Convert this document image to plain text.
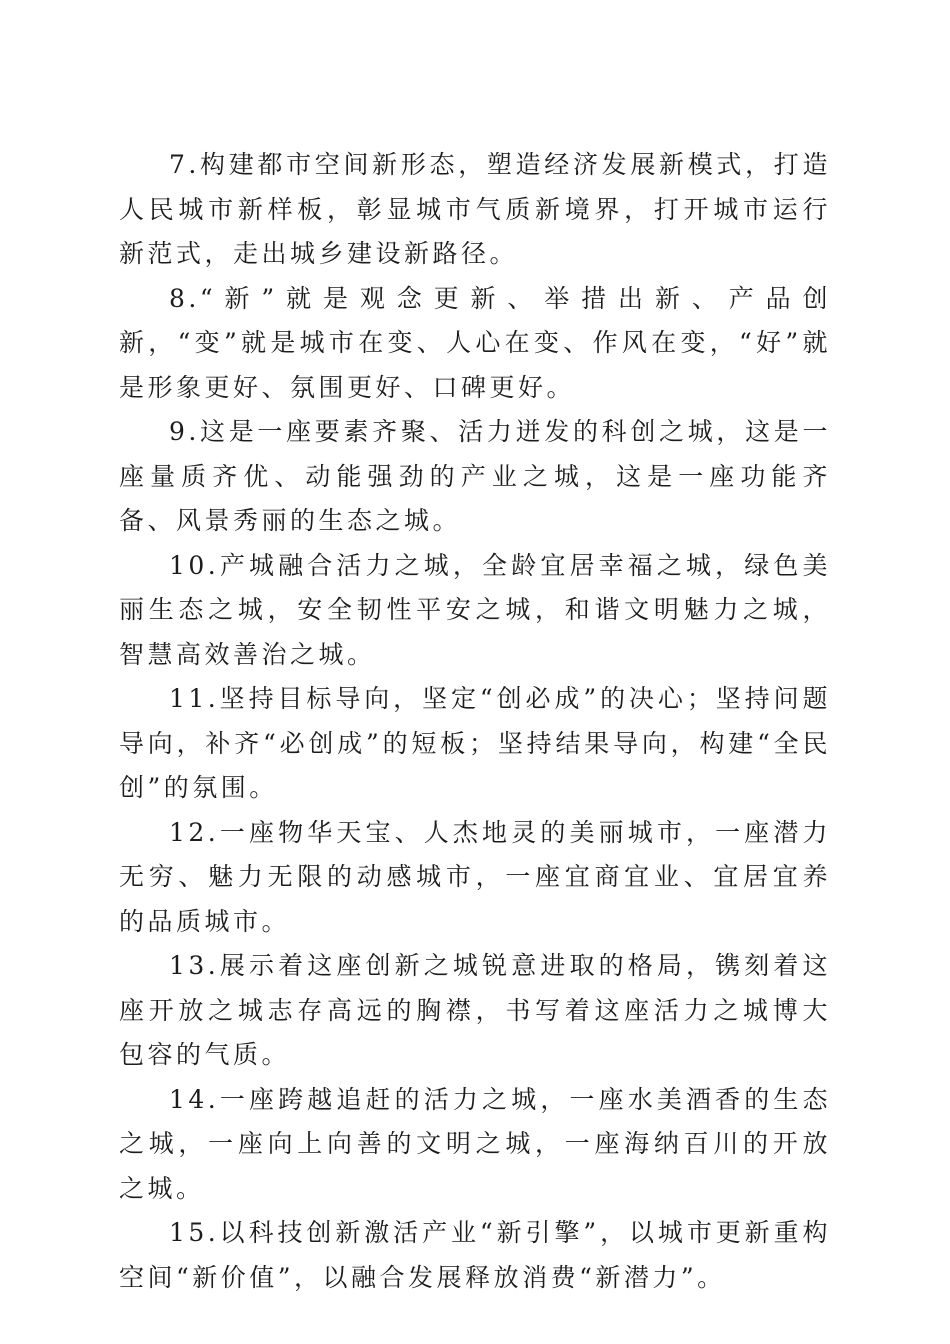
7.构建都市空间新形态，塑造经济发展新模式，打造人民城市新样板，彰显城市气质新境界，打开城市运行新范式，走出城乡建设新路径。

8.“新”就是观念更新、举措出新、产品创新，“变”就是城市在变、人心在变、作风在变，“好”就是形象更好、氛围更好、口碑更好。

9.这是一座要素齐聚、活力迸发的科创之城，这是一座量质齐优、动能强劲的产业之城，这是一座功能齐备、风景秀丽的生态之城。

10.产城融合活力之城，全龄宜居幸福之城，绿色美丽生态之城，安全韧性平安之城，和谐文明魅力之城，智慧高效善治之城。

11.坚持目标导向，坚定“创必成”的决心；坚持问题导向，补齐“必创成”的短板；坚持结果导向，构建“全民创”的氛围。

12.一座物华天宝、人杰地灵的美丽城市，一座潜力无穷、魅力无限的动感城市，一座宜商宜业、宜居宜养的品质城市。

13.展示着这座创新之城锐意进取的格局，镌刻着这座开放之城志存高远的胸襟，书写着这座活力之城博大包容的气质。

14.一座跨越追赶的活力之城，一座水美酒香的生态之城，一座向上向善的文明之城，一座海纳百川的开放之城。

15.以科技创新激活产业“新引擎”，以城市更新重构空间“新价值”，以融合发展释放消费“新潜力”。
